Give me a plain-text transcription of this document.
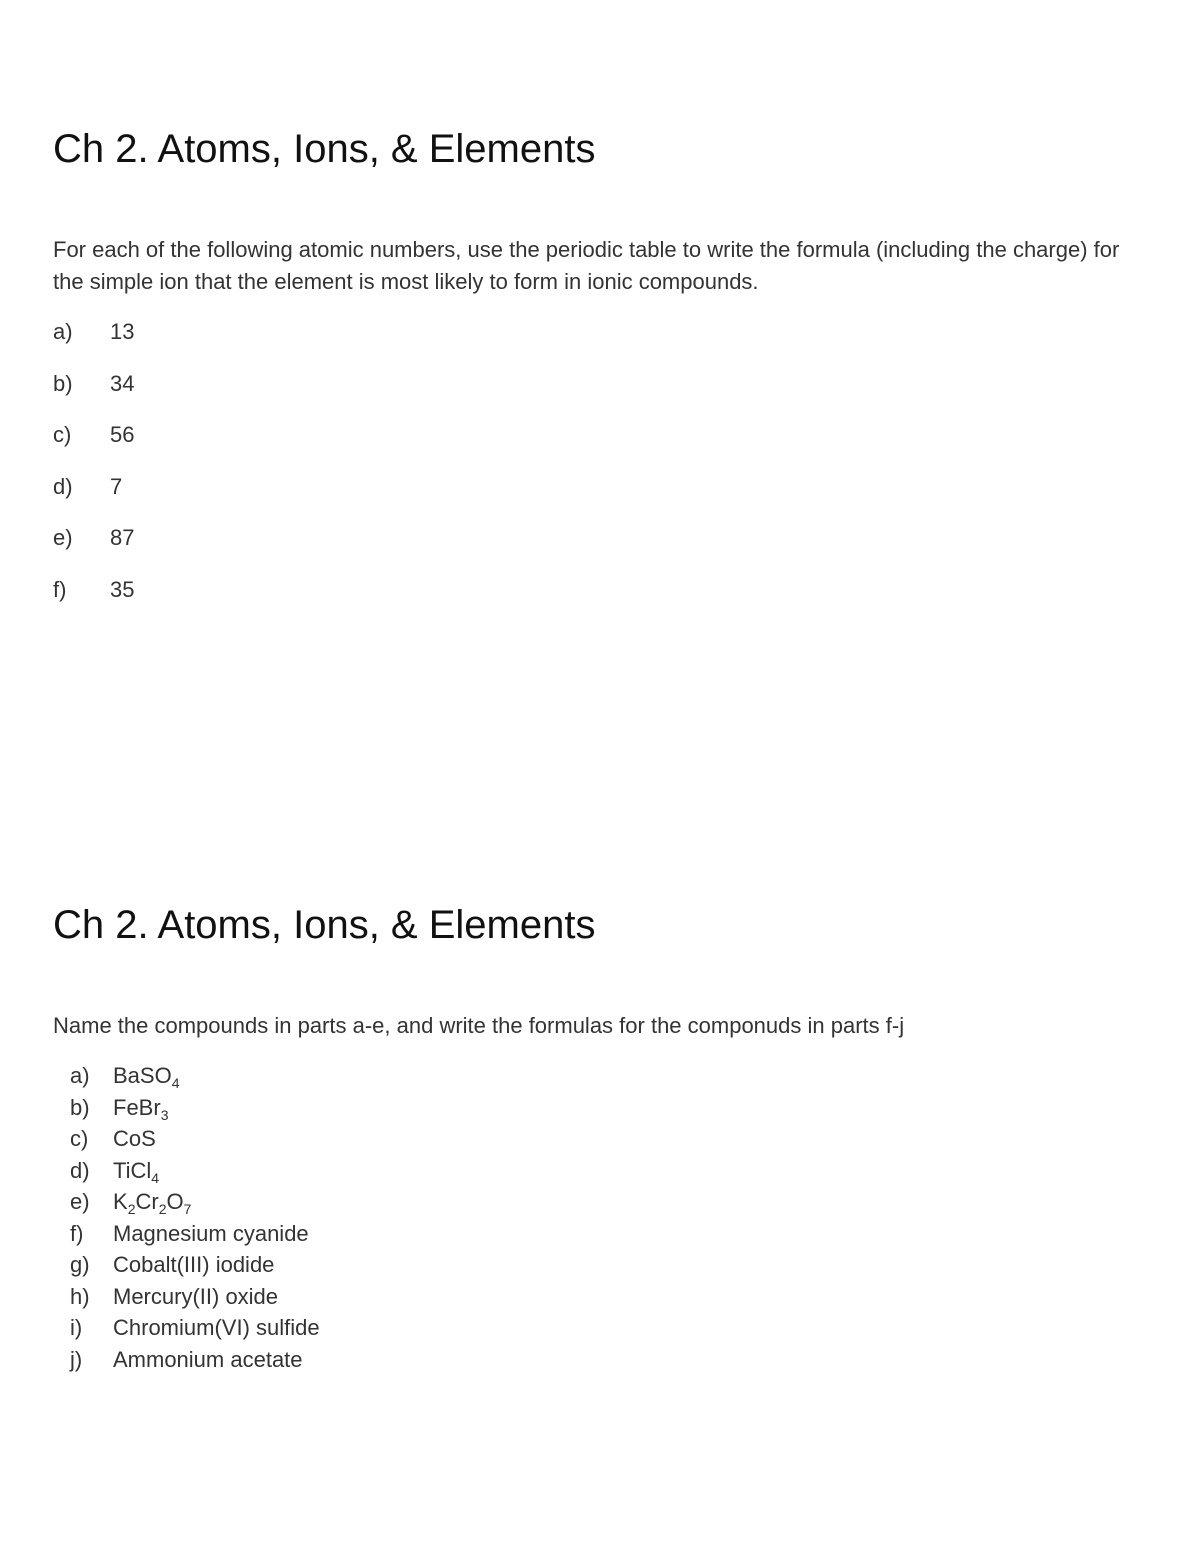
Ch 2. Atoms, Ions, & Elements

For each of the following atomic numbers, use the periodic table to write the formula (including the charge) for the simple ion that the element is most likely to form in ionic compounds.

a)	13
b)	34
c)	56
d)	7
e)	87
f)	35
Ch 2. Atoms, Ions, & Elements

Name the compounds in parts a-e, and write the formulas for the componuds in parts f-j

a)	BaSO$_4$
b)	FeBr$_3$
c)	CoS
d)	TiCl$_4$
e)	$K_2Cr_2O_7$
f)	Magnesium cyanide
g)	Cobalt(III) iodide
h)	Mercury(II) oxide
i)	Chromium(VI) sulfide
j)	Ammonium acetate
